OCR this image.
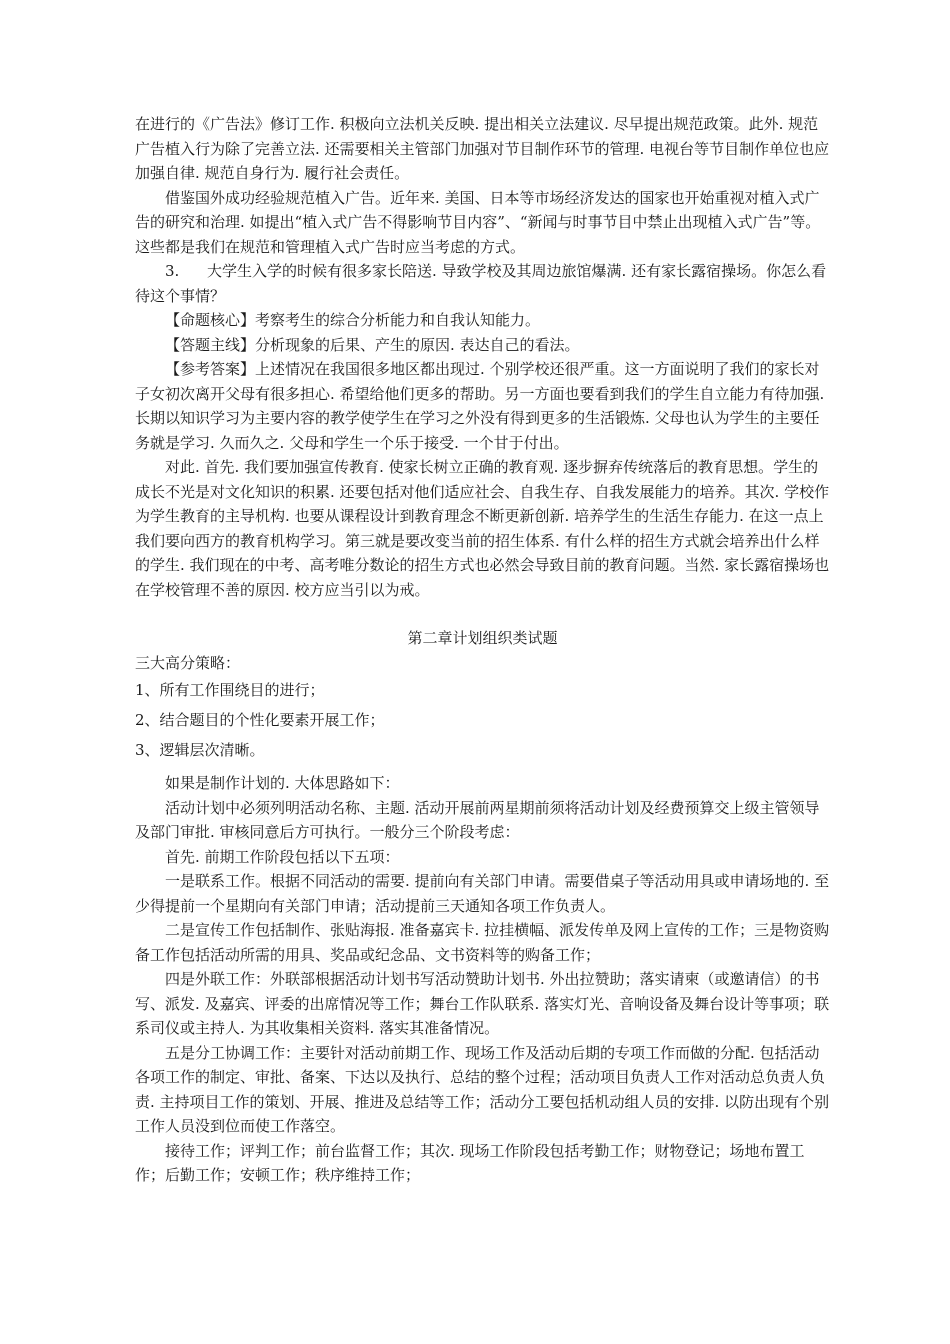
在进行的《广告法》修订工作. 积极向立法机关反映. 提出相关立法建议. 尽早提出规范政策。此外. 规范广告植入行为除了完善立法. 还需要相关主管部门加强对节目制作环节的管理. 电视台等节目制作单位也应加强自律. 规范自身行为. 履行社会责任。

借鉴国外成功经验规范植入广告。近年来. 美国、日本等市场经济发达的国家也开始重视对植入式广告的研究和治理. 如提出“植入式广告不得影响节目内容”、“新闻与时事节目中禁止出现植入式广告”等。这些都是我们在规范和管理植入式广告时应当考虑的方式。

3. 大学生入学的时候有很多家长陪送. 导致学校及其周边旅馆爆满. 还有家长露宿操场。你怎么看待这个事情？

【命题核心】考察考生的综合分析能力和自我认知能力。

【答题主线】分析现象的后果、产生的原因. 表达自己的看法。

【参考答案】上述情况在我国很多地区都出现过. 个别学校还很严重。这一方面说明了我们的家长对子女初次离开父母有很多担心. 希望给他们更多的帮助。另一方面也要看到我们的学生自立能力有待加强. 长期以知识学习为主要内容的教学使学生在学习之外没有得到更多的生活锻炼. 父母也认为学生的主要任务就是学习. 久而久之. 父母和学生一个乐于接受. 一个甘于付出。

对此. 首先. 我们要加强宣传教育. 使家长树立正确的教育观. 逐步摒弃传统落后的教育思想。学生的成长不光是对文化知识的积累. 还要包括对他们适应社会、自我生存、自我发展能力的培养。其次. 学校作为学生教育的主导机构. 也要从课程设计到教育理念不断更新创新. 培养学生的生活生存能力. 在这一点上我们要向西方的教育机构学习。第三就是要改变当前的招生体系. 有什么样的招生方式就会培养出什么样的学生. 我们现在的中考、高考唯分数论的招生方式也必然会导致目前的教育问题。当然. 家长露宿操场也在学校管理不善的原因. 校方应当引以为戒。

第二章计划组织类试题

三大高分策略：

1、所有工作围绕目的进行；

2、结合题目的个性化要素开展工作；

3、逻辑层次清晰。

如果是制作计划的. 大体思路如下：

活动计划中必须列明活动名称、主题. 活动开展前两星期前须将活动计划及经费预算交上级主管领导及部门审批. 审核同意后方可执行。一般分三个阶段考虑：

首先. 前期工作阶段包括以下五项：

一是联系工作。根据不同活动的需要. 提前向有关部门申请。需要借桌子等活动用具或申请场地的. 至少得提前一个星期向有关部门申请；活动提前三天通知各项工作负责人。

二是宣传工作包括制作、张贴海报. 准备嘉宾卡. 拉挂横幅、派发传单及网上宣传的工作；三是物资购备工作包括活动所需的用具、奖品或纪念品、文书资料等的购备工作；

四是外联工作：外联部根据活动计划书写活动赞助计划书. 外出拉赞助；落实请柬（或邀请信）的书写、派发. 及嘉宾、评委的出席情况等工作；舞台工作队联系. 落实灯光、音响设备及舞台设计等事项；联系司仪或主持人. 为其收集相关资料. 落实其准备情况。

五是分工协调工作：主要针对活动前期工作、现场工作及活动后期的专项工作而做的分配. 包括活动各项工作的制定、审批、备案、下达以及执行、总结的整个过程；活动项目负责人工作对活动总负责人负责. 主持项目工作的策划、开展、推进及总结等工作；活动分工要包括机动组人员的安排. 以防出现有个别工作人员没到位而使工作落空。

接待工作；评判工作；前台监督工作；其次. 现场工作阶段包括考勤工作；财物登记；场地布置工作；后勤工作；安顿工作；秩序维持工作；
